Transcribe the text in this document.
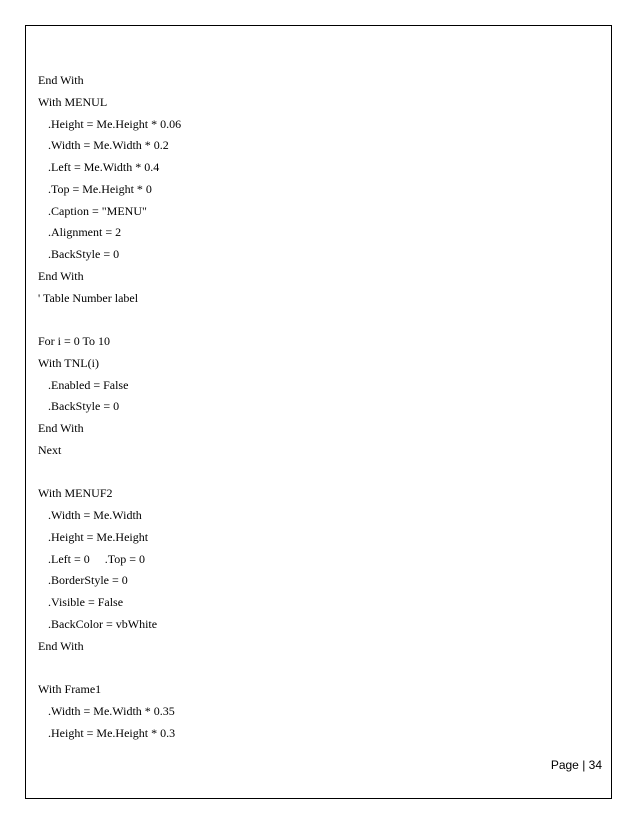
End With
With MENUL
.Height = Me.Height * 0.06
.Width = Me.Width * 0.2
.Left = Me.Width * 0.4
.Top = Me.Height * 0
.Caption = "MENU"
.Alignment = 2
.BackStyle = 0
End With
' Table Number label
For i = 0 To 10
With TNL(i)
.Enabled = False
.BackStyle = 0
End With
Next
With MENUF2
.Width = Me.Width
.Height = Me.Height
.Left = 0     .Top = 0
.BorderStyle = 0
.Visible = False
.BackColor = vbWhite
End With
With Frame1
.Width = Me.Width * 0.35
.Height = Me.Height * 0.3
Page | 34
